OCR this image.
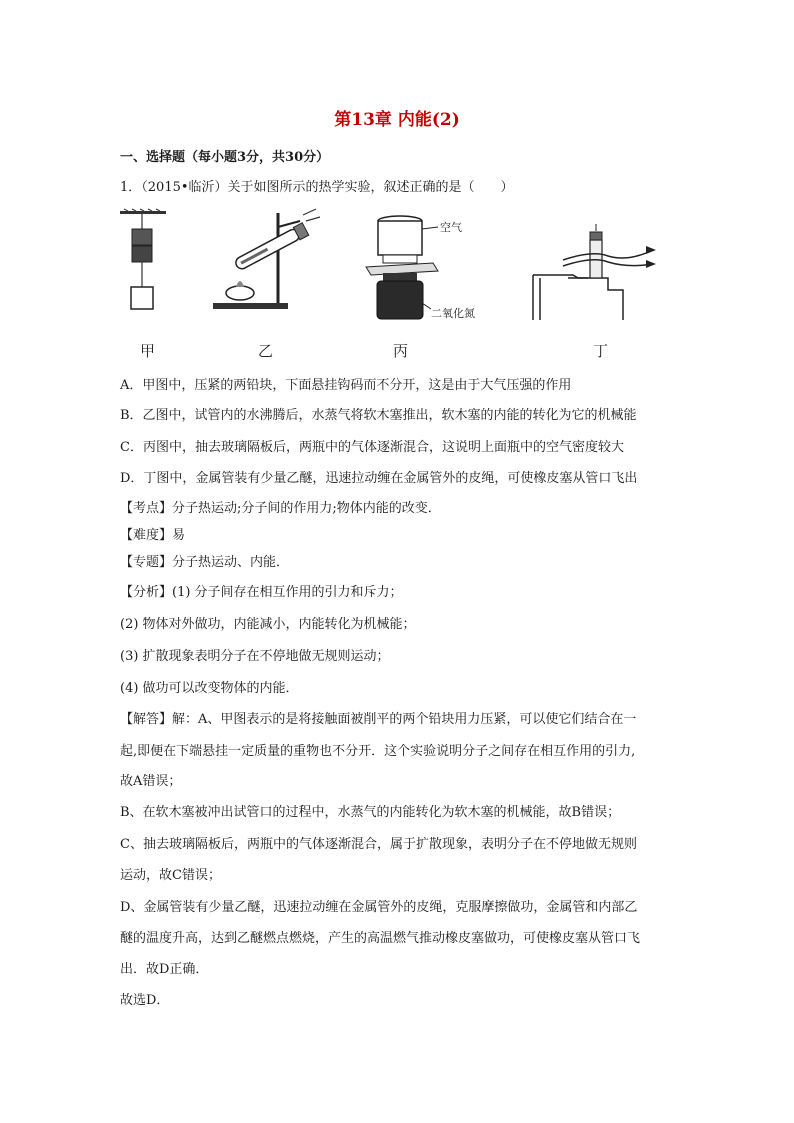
第13章 内能(2)
一、选择题（每小题3分，共30分）
1．（2015•临沂）关于如图所示的热学实验，叙述正确的是（　　）
甲	乙
空气
二氧化氮
丙	丁
A．甲图中，压紧的两铅块，下面悬挂钩码而不分开，这是由于大气压强的作用
B．乙图中，试管内的水沸腾后，水蒸气将软木塞推出，软木塞的内能的转化为它的机械能
C．丙图中，抽去玻璃隔板后，两瓶中的气体逐渐混合，这说明上面瓶中的空气密度较大
D．丁图中，金属管装有少量乙醚，迅速拉动缠在金属管外的皮绳，可使橡皮塞从管口飞出
【考点】分子热运动;分子间的作用力;物体内能的改变．
【难度】易
【专题】分子热运动、内能．
【分析】(1) 分子间存在相互作用的引力和斥力；
(2) 物体对外做功，内能减小，内能转化为机械能；
(3) 扩散现象表明分子在不停地做无规则运动；
(4) 做功可以改变物体的内能．
【解答】解：A、甲图表示的是将接触面被削平的两个铅块用力压紧，可以使它们结合在一
起,即便在下端悬挂一定质量的重物也不分开．这个实验说明分子之间存在相互作用的引力,
故A错误；
B、在软木塞被冲出试管口的过程中，水蒸气的内能转化为软木塞的机械能，故B错误；
C、抽去玻璃隔板后，两瓶中的气体逐渐混合，属于扩散现象，表明分子在不停地做无规则
运动，故C错误；
D、金属管装有少量乙醚，迅速拉动缠在金属管外的皮绳，克服摩擦做功，金属管和内部乙
醚的温度升高，达到乙醚燃点燃烧，产生的高温燃气推动橡皮塞做功，可使橡皮塞从管口飞
出．故D正确．
故选D．
